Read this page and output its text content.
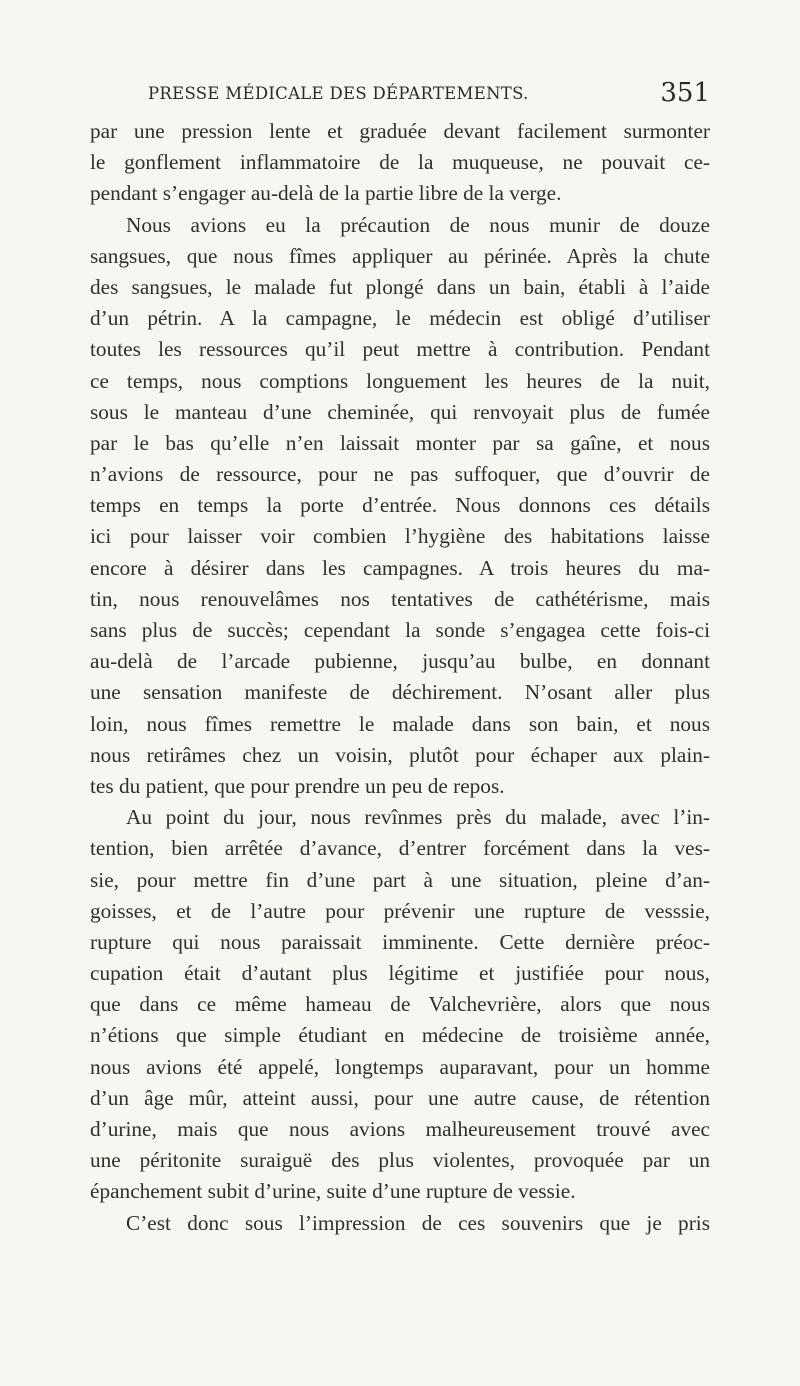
PRESSE MÉDICALE DES DÉPARTEMENTS.	351
par une pression lente et graduée devant facilement surmonter
le gonflement inflammatoire de la muqueuse, ne pouvait ce-
pendant s’engager au-delà de la partie libre de la verge.
Nous avions eu la précaution de nous munir de douze
sangsues, que nous fîmes appliquer au périnée. Après la chute
des sangsues, le malade fut plongé dans un bain, établi à l’aide
d’un pétrin. A la campagne, le médecin est obligé d’utiliser
toutes les ressources qu’il peut mettre à contribution. Pendant
ce temps, nous comptions longuement les heures de la nuit,
sous le manteau d’une cheminée, qui renvoyait plus de fumée
par le bas qu’elle n’en laissait monter par sa gaîne, et nous
n’avions de ressource, pour ne pas suffoquer, que d’ouvrir de
temps en temps la porte d’entrée. Nous donnons ces détails
ici pour laisser voir combien l’hygiène des habitations laisse
encore à désirer dans les campagnes. A trois heures du ma-
tin, nous renouvelâmes nos tentatives de cathétérisme, mais
sans plus de succès; cependant la sonde s’engagea cette fois-ci
au-delà de l’arcade pubienne, jusqu’au bulbe, en donnant
une sensation manifeste de déchirement. N’osant aller plus
loin, nous fîmes remettre le malade dans son bain, et nous
nous retirâmes chez un voisin, plutôt pour échaper aux plain-
tes du patient, que pour prendre un peu de repos.
Au point du jour, nous revînmes près du malade, avec l’in-
tention, bien arrêtée d’avance, d’entrer forcément dans la ves-
sie, pour mettre fin d’une part à une situation, pleine d’an-
goisses, et de l’autre pour prévenir une rupture de vesssie,
rupture qui nous paraissait imminente. Cette dernière préoc-
cupation était d’autant plus légitime et justifiée pour nous,
que dans ce même hameau de Valchevrière, alors que nous
n’étions que simple étudiant en médecine de troisième année,
nous avions été appelé, longtemps auparavant, pour un homme
d’un âge mûr, atteint aussi, pour une autre cause, de rétention
d’urine, mais que nous avions malheureusement trouvé avec
une péritonite suraiguë des plus violentes, provoquée par un
épanchement subit d’urine, suite d’une rupture de vessie.
C’est donc sous l’impression de ces souvenirs que je pris
